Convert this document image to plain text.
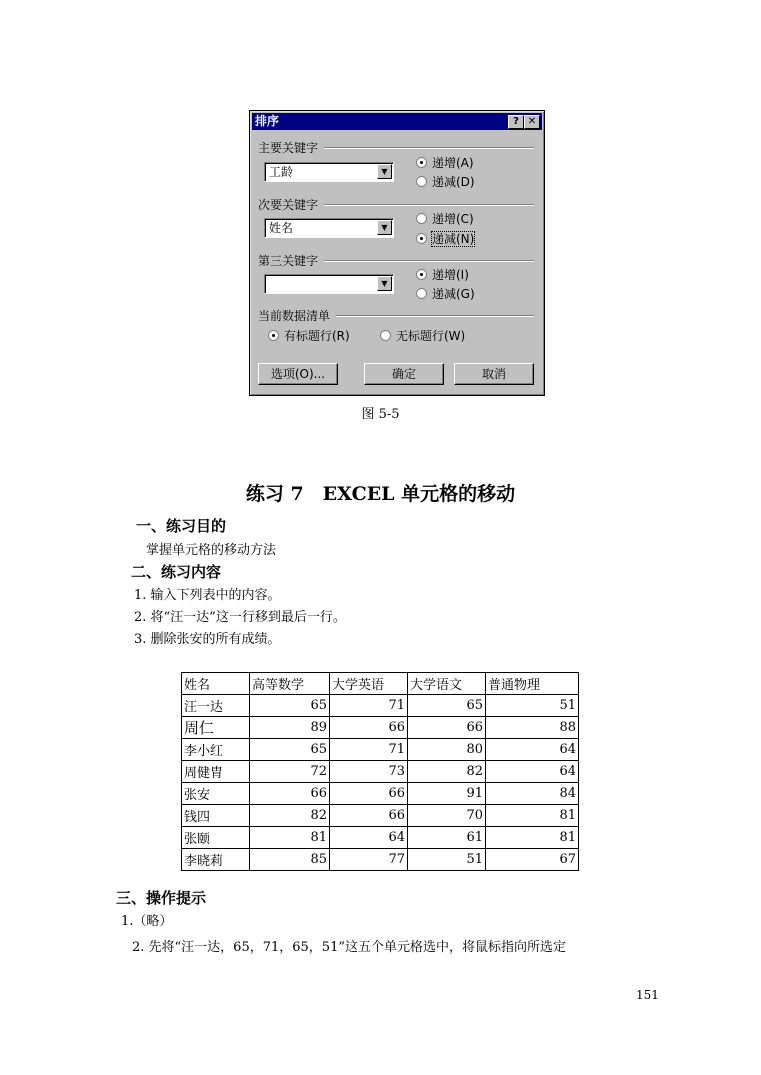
排序	? ✕
主要关键字
工龄	▼
递增(A)
递减(D)
次要关键字
姓名	▼
递增(C)
递减(N)
第三关键字
▼
递增(I)
递减(G)
当前数据清单
有标题行(R)	无标题行(W)
选项(O)...	确定	取消
图 5-5
练习 7　EXCEL 单元格的移动
一、练习目的
掌握单元格的移动方法
二、练习内容
1. 输入下列表中的内容。
2. 将“汪一达”这一行移到最后一行。
3. 删除张安的所有成绩。
姓名	高等数学	大学英语	大学语文	普通物理
汪一达	65	71	65	51
周仁	89	66	66	88
李小红	65	71	80	64
周健胄	72	73	82	64
张安	66	66	91	84
钱四	82	66	70	81
张颐	81	64	61	81
李晓莉	85	77	51	67
三、操作提示
1.（略）
2. 先将“汪一达，65，71，65，51”这五个单元格选中，将鼠标指向所选定
151
